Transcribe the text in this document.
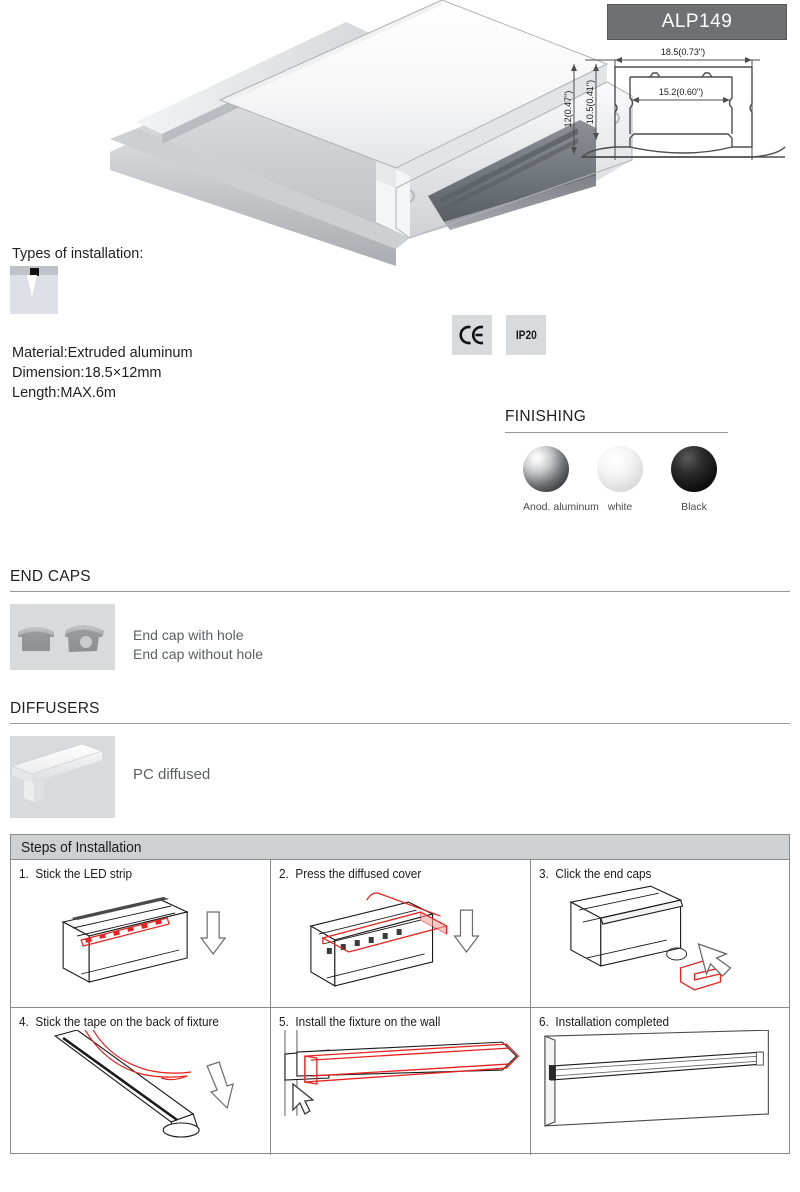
ALP149
18.5(0.73")
15.2(0.60")
12(0.47") 10.5(0.41")
Types of installation:
Material:Extruded aluminum
Dimension:18.5×12mm
Length:MAX.6m
IP20
FINISHING
Anod. aluminum white	Black
END CAPS
End cap with hole
End cap without hole
DIFFUSERS
PC diffused
Steps of Installation
1. Stick the LED strip	2. Press the diffused cover	3. Click the end caps
4. Stick the tape on the back of fixture	5. Install the fixture on the wall	6. Installation completed
